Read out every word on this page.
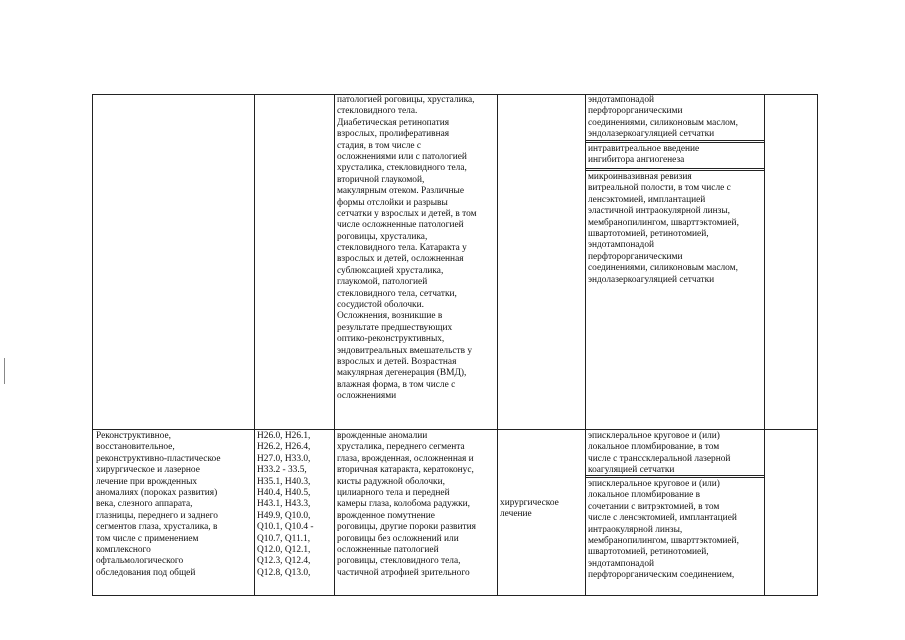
патологией роговицы, хрусталика,
стекловидного тела.
Диабетическая ретинопатия
взрослых, пролиферативная
стадия, в том числе с
осложнениями или с патологией
хрусталика, стекловидного тела,
вторичной глаукомой,
макулярным отеком. Различные
формы отслойки и разрывы
сетчатки у взрослых и детей, в том
числе осложненные патологией
роговицы, хрусталика,
стекловидного тела. Катаракта у
взрослых и детей, осложненная
сублюксацией хрусталика,
глаукомой, патологией
стекловидного тела, сетчатки,
сосудистой оболочки.
Осложнения, возникшие в
результате предшествующих
оптико-реконструктивных,
эндовитреальных вмешательств у
взрослых и детей. Возрастная
макулярная дегенерация (ВМД),
влажная форма, в том числе с
осложнениями
эндотампонадой
перфторорганическими
соединениями, силиконовым маслом,
эндолазеркоагуляцией сетчатки
интравитреальное введение
ингибитора ангиогенеза
микроинвазивная ревизия
витреальной полости, в том числе с
ленсэктомией, имплантацией
эластичной интраокулярной линзы,
мембранопилингом, шварттэктомией,
швартотомией, ретинотомией,
эндотампонадой
перфторорганическими
соединениями, силиконовым маслом,
эндолазеркоагуляцией сетчатки
Реконструктивное,
восстановительное,
реконструктивно-пластическое
хирургическое и лазерное
лечение при врожденных
аномалиях (пороках развития)
века, слезного аппарата,
глазницы, переднего и заднего
сегментов глаза, хрусталика, в
том числе с применением
комплексного
офтальмологического
обследования под общей
H26.0, H26.1,
H26.2, H26.4,
H27.0, H33.0,
H33.2 - 33.5,
H35.1, H40.3,
H40.4, H40.5,
H43.1, H43.3,
H49.9, Q10.0,
Q10.1, Q10.4 -
Q10.7, Q11.1,
Q12.0, Q12.1,
Q12.3, Q12.4,
Q12.8, Q13.0,
врожденные аномалии
хрусталика, переднего сегмента
глаза, врожденная, осложненная и
вторичная катаракта, кератоконус,
кисты радужной оболочки,
цилиарного тела и передней
камеры глаза, колобома радужки,
врожденное помутнение
роговицы, другие пороки развития
роговицы без осложнений или
осложненные патологией
роговицы, стекловидного тела,
частичной атрофией зрительного
хирургическое
лечение
эписклеральное круговое и (или)
локальное пломбирование, в том
числе с транссклеральной лазерной
коагуляцией сетчатки
эписклеральное круговое и (или)
локальное пломбирование в
сочетании с витрэктомией, в том
числе с ленсэктомией, имплантацией
интраокулярной линзы,
мембранопилингом, шварттэктомией,
швартотомией, ретинотомией,
эндотампонадой
перфторорганическим соединением,
